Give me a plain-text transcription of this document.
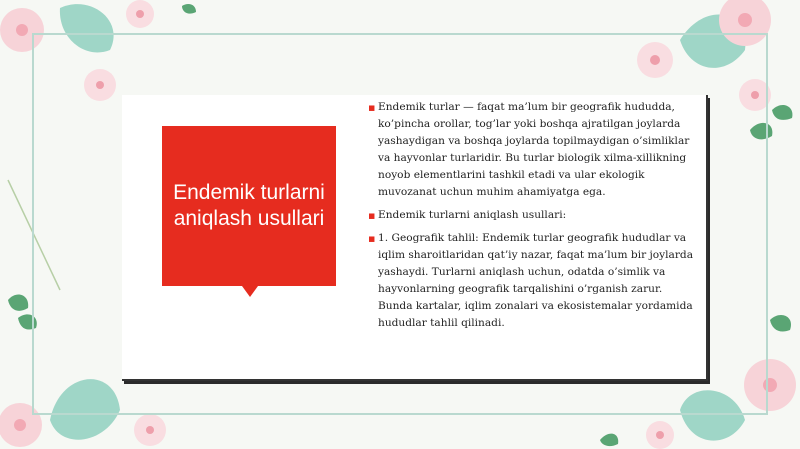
Endemik turlarni aniqlash usullari
▪ Endemik turlar — faqat ma’lum bir geografik hududda, ko’pincha orollar, tog’lar yoki boshqa ajratilgan joylarda yashaydigan va boshqa joylarda topilmaydigan o’simliklar va hayvonlar turlaridir. Bu turlar biologik xilma-xillikning noyob elementlarini tashkil etadi va ular ekologik muvozanat uchun muhim ahamiyatga ega.
▪ Endemik turlarni aniqlash usullari:
▪ 1. Geografik tahlil: Endemik turlar geografik hududlar va iqlim sharoitlaridan qat’iy nazar, faqat ma’lum bir joylarda yashaydi. Turlarni aniqlash uchun, odatda o’simlik va hayvonlarning geografik tarqalishini o’rganish zarur. Bunda kartalar, iqlim zonalari va ekosistemalar yordamida hududlar tahlil qilinadi.
